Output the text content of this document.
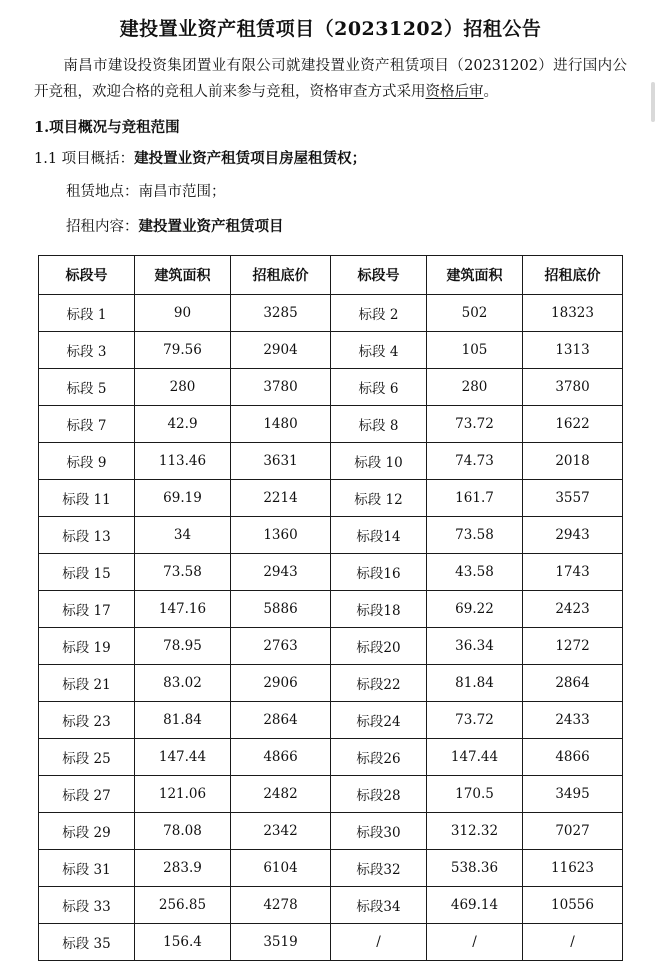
建投置业资产租赁项目（20231202）招租公告

南昌市建设投资集团置业有限公司就建投置业资产租赁项目（20231202）进行国内公开竞租，欢迎合格的竞租人前来参与竞租，资格审查方式采用资格后审。

1.项目概况与竞租范围
1.1 项目概括：建投置业资产租赁项目房屋租赁权；
租赁地点：南昌市范围；
招租内容：建投置业资产租赁项目
标段号	建筑面积	招租底价	标段号	建筑面积	招租底价
标段 1	90	3285	标段 2	502	18323
标段 3	79.56	2904	标段 4	105	1313
标段 5	280	3780	标段 6	280	3780
标段 7	42.9	1480	标段 8	73.72	1622
标段 9	113.46	3631	标段 10	74.73	2018
标段 11	69.19	2214	标段 12	161.7	3557
标段 13	34	1360	标段14	73.58	2943
标段 15	73.58	2943	标段16	43.58	1743
标段 17	147.16	5886	标段18	69.22	2423
标段 19	78.95	2763	标段20	36.34	1272
标段 21	83.02	2906	标段22	81.84	2864
标段 23	81.84	2864	标段24	73.72	2433
标段 25	147.44	4866	标段26	147.44	4866
标段 27	121.06	2482	标段28	170.5	3495
标段 29	78.08	2342	标段30	312.32	7027
标段 31	283.9	6104	标段32	538.36	11623
标段 33	256.85	4278	标段34	469.14	10556
标段 35	156.4	3519	/	/	/
